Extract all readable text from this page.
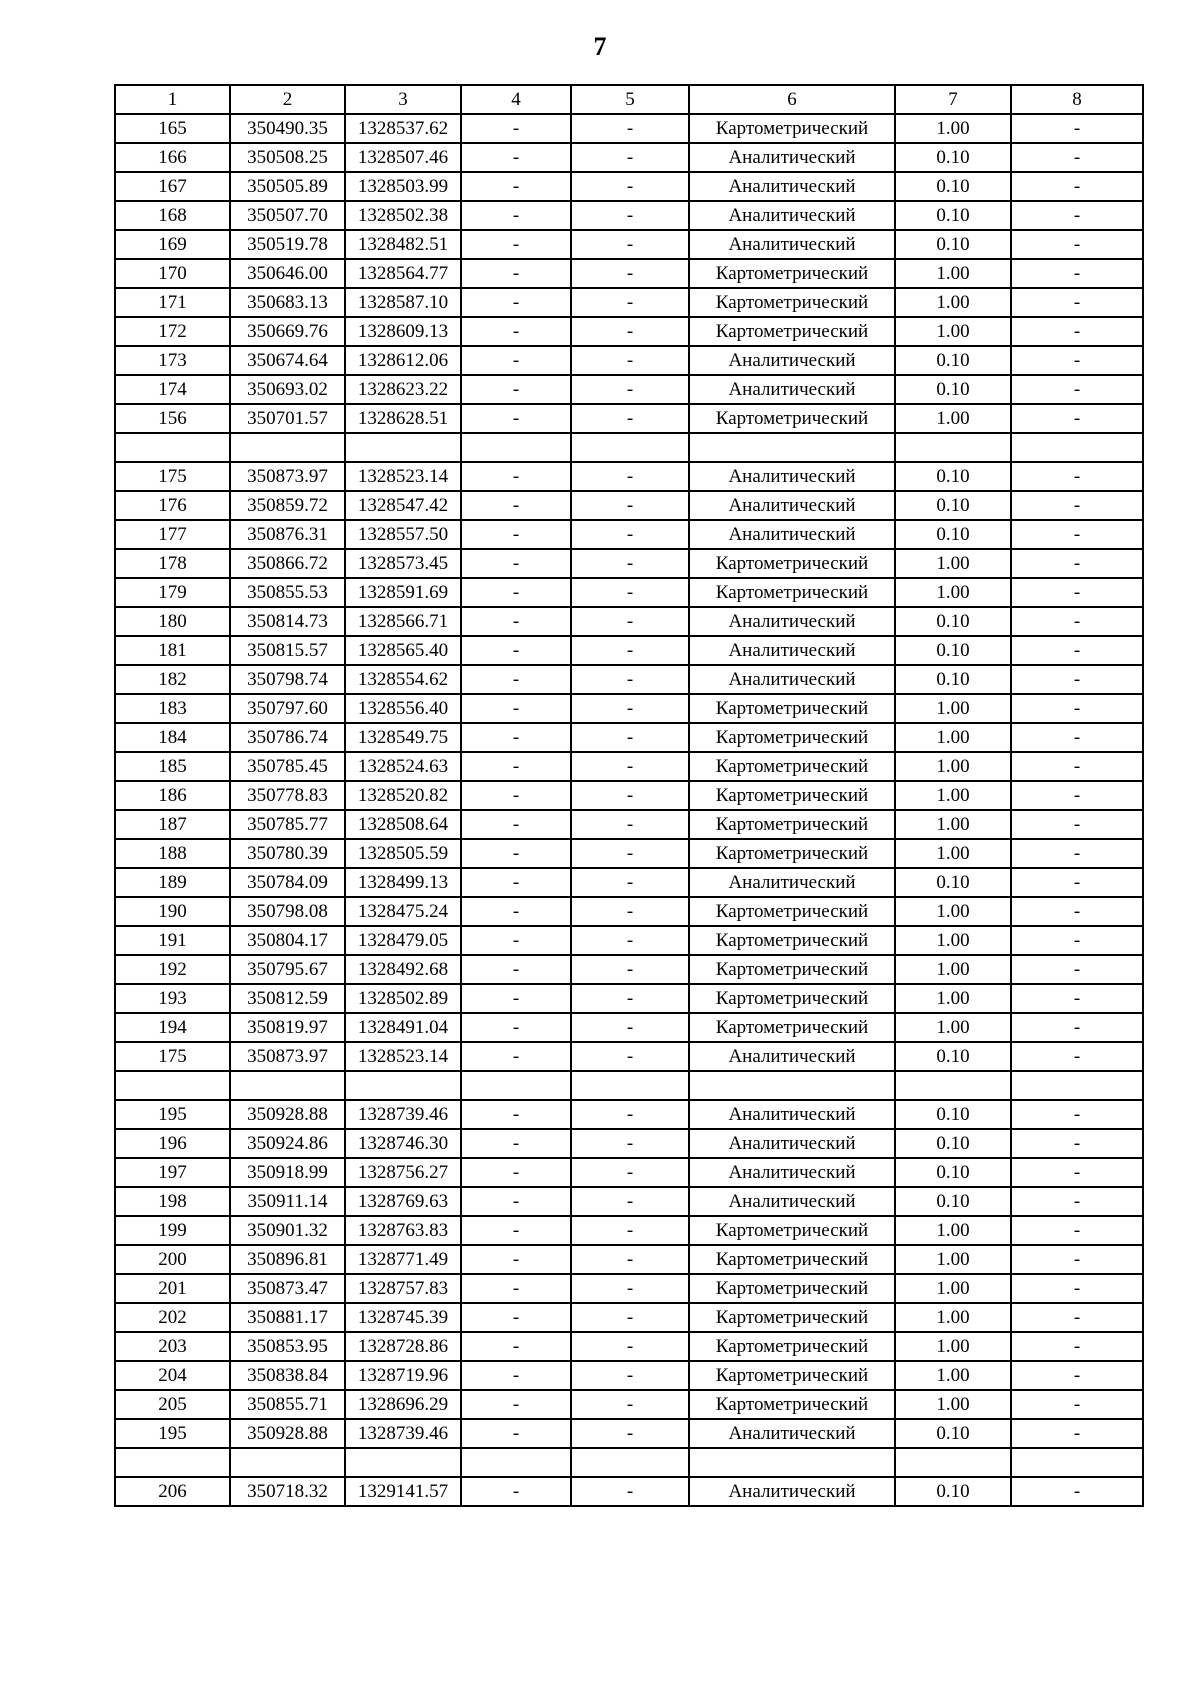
7
1	2	3	4	5	6	7	8
165	350490.35	1328537.62	-	-	Картометрический	1.00	-
166	350508.25	1328507.46	-	-	Аналитический	0.10	-
167	350505.89	1328503.99	-	-	Аналитический	0.10	-
168	350507.70	1328502.38	-	-	Аналитический	0.10	-
169	350519.78	1328482.51	-	-	Аналитический	0.10	-
170	350646.00	1328564.77	-	-	Картометрический	1.00	-
171	350683.13	1328587.10	-	-	Картометрический	1.00	-
172	350669.76	1328609.13	-	-	Картометрический	1.00	-
173	350674.64	1328612.06	-	-	Аналитический	0.10	-
174	350693.02	1328623.22	-	-	Аналитический	0.10	-
156	350701.57	1328628.51	-	-	Картометрический	1.00	-

175	350873.97	1328523.14	-	-	Аналитический	0.10	-
176	350859.72	1328547.42	-	-	Аналитический	0.10	-
177	350876.31	1328557.50	-	-	Аналитический	0.10	-
178	350866.72	1328573.45	-	-	Картометрический	1.00	-
179	350855.53	1328591.69	-	-	Картометрический	1.00	-
180	350814.73	1328566.71	-	-	Аналитический	0.10	-
181	350815.57	1328565.40	-	-	Аналитический	0.10	-
182	350798.74	1328554.62	-	-	Аналитический	0.10	-
183	350797.60	1328556.40	-	-	Картометрический	1.00	-
184	350786.74	1328549.75	-	-	Картометрический	1.00	-
185	350785.45	1328524.63	-	-	Картометрический	1.00	-
186	350778.83	1328520.82	-	-	Картометрический	1.00	-
187	350785.77	1328508.64	-	-	Картометрический	1.00	-
188	350780.39	1328505.59	-	-	Картометрический	1.00	-
189	350784.09	1328499.13	-	-	Аналитический	0.10	-
190	350798.08	1328475.24	-	-	Картометрический	1.00	-
191	350804.17	1328479.05	-	-	Картометрический	1.00	-
192	350795.67	1328492.68	-	-	Картометрический	1.00	-
193	350812.59	1328502.89	-	-	Картометрический	1.00	-
194	350819.97	1328491.04	-	-	Картометрический	1.00	-
175	350873.97	1328523.14	-	-	Аналитический	0.10	-

195	350928.88	1328739.46	-	-	Аналитический	0.10	-
196	350924.86	1328746.30	-	-	Аналитический	0.10	-
197	350918.99	1328756.27	-	-	Аналитический	0.10	-
198	350911.14	1328769.63	-	-	Аналитический	0.10	-
199	350901.32	1328763.83	-	-	Картометрический	1.00	-
200	350896.81	1328771.49	-	-	Картометрический	1.00	-
201	350873.47	1328757.83	-	-	Картометрический	1.00	-
202	350881.17	1328745.39	-	-	Картометрический	1.00	-
203	350853.95	1328728.86	-	-	Картометрический	1.00	-
204	350838.84	1328719.96	-	-	Картометрический	1.00	-
205	350855.71	1328696.29	-	-	Картометрический	1.00	-
195	350928.88	1328739.46	-	-	Аналитический	0.10	-

206	350718.32	1329141.57	-	-	Аналитический	0.10	-
